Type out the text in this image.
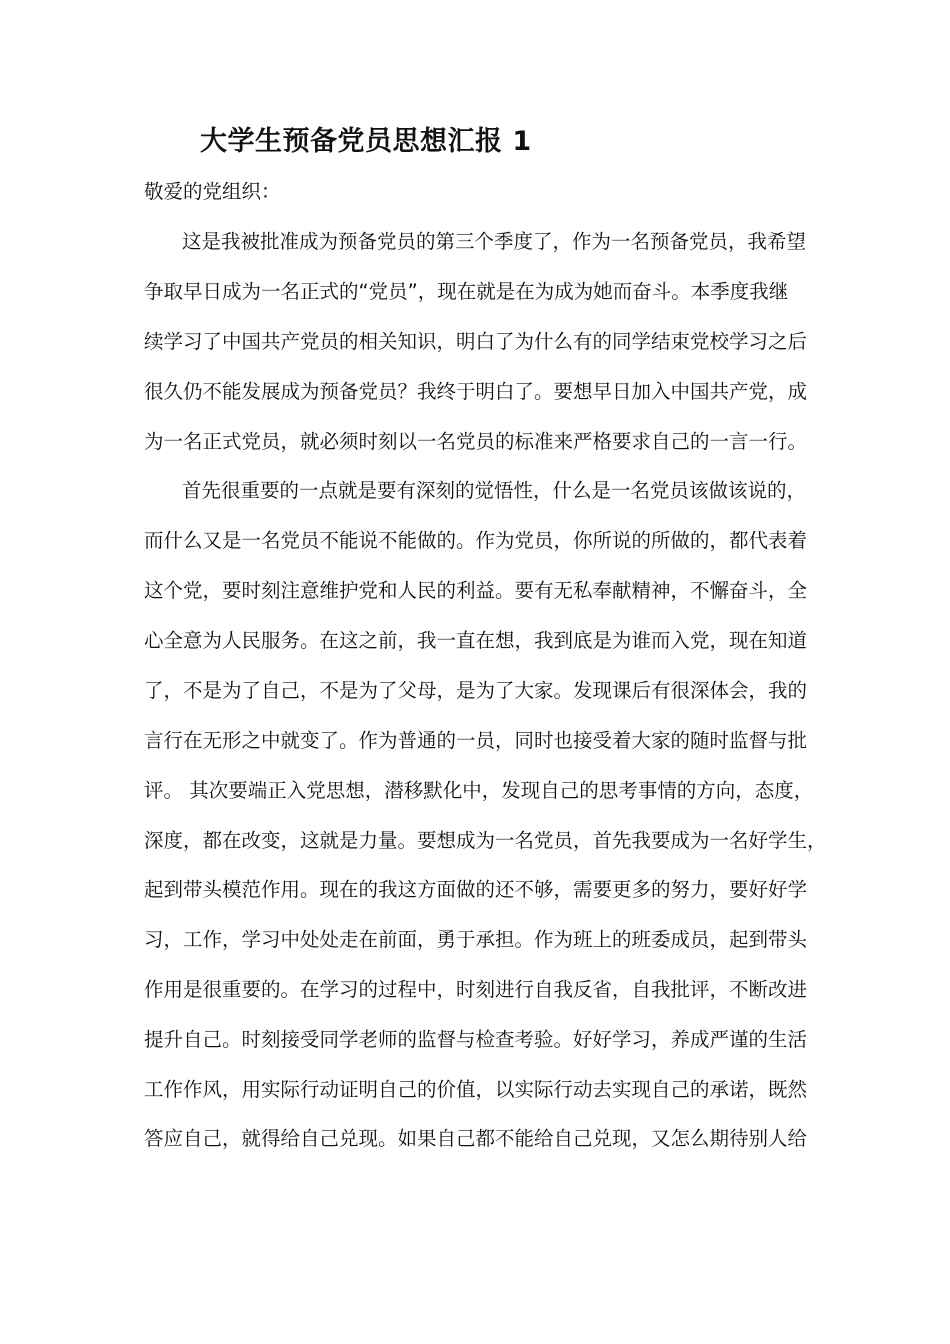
大学生预备党员思想汇报 1

敬爱的党组织：

这是我被批准成为预备党员的第三个季度了，作为一名预备党员，我希望

争取早日成为一名正式的“党员”，现在就是在为成为她而奋斗。本季度我继

续学习了中国共产党员的相关知识，明白了为什么有的同学结束党校学习之后

很久仍不能发展成为预备党员？我终于明白了。要想早日加入中国共产党，成

为一名正式党员，就必须时刻以一名党员的标准来严格要求自己的一言一行。

首先很重要的一点就是要有深刻的觉悟性，什么是一名党员该做该说的，

而什么又是一名党员不能说不能做的。作为党员，你所说的所做的，都代表着

这个党，要时刻注意维护党和人民的利益。要有无私奉献精神，不懈奋斗，全

心全意为人民服务。在这之前，我一直在想，我到底是为谁而入党，现在知道

了，不是为了自己，不是为了父母，是为了大家。发现课后有很深体会，我的

言行在无形之中就变了。作为普通的一员，同时也接受着大家的随时监督与批

评。 其次要端正入党思想，潜移默化中，发现自己的思考事情的方向，态度，

深度，都在改变，这就是力量。要想成为一名党员，首先我要成为一名好学生，

起到带头模范作用。现在的我这方面做的还不够，需要更多的努力，要好好学

习，工作，学习中处处走在前面，勇于承担。作为班上的班委成员，起到带头

作用是很重要的。在学习的过程中，时刻进行自我反省，自我批评，不断改进

提升自己。时刻接受同学老师的监督与检查考验。好好学习，养成严谨的生活

工作作风，用实际行动证明自己的价值，以实际行动去实现自己的承诺，既然

答应自己，就得给自己兑现。如果自己都不能给自己兑现，又怎么期待别人给
